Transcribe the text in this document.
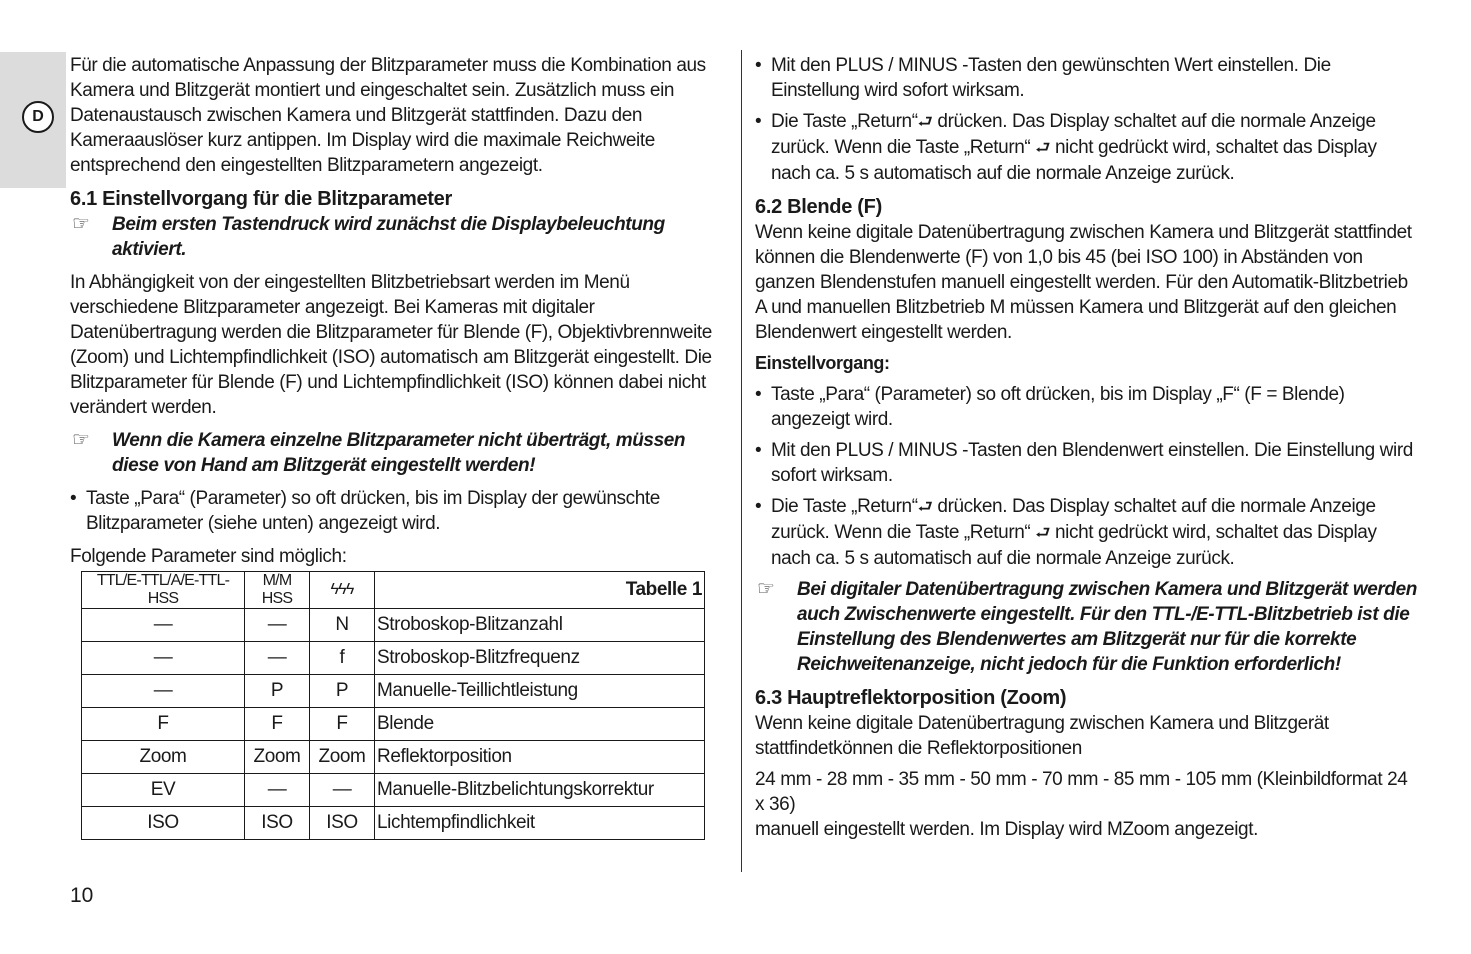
D

Für die automatische Anpassung der Blitzparameter muss die Kombination aus Kamera und Blitzgerät montiert und eingeschaltet sein. Zusätzlich muss ein Datenaustausch zwischen Kamera und Blitzgerät stattfinden. Dazu den Kameraauslöser kurz antippen. Im Display wird die maximale Reichweite entsprechend den eingestellten Blitzparametern angezeigt.

6.1 Einstellvorgang für die Blitzparameter
☞ Beim ersten Tastendruck wird zunächst die Displaybeleuchtung aktiviert.

In Abhängigkeit von der eingestellten Blitzbetriebsart werden im Menü verschiedene Blitzparameter angezeigt. Bei Kameras mit digitaler Datenübertragung werden die Blitzparameter für Blende (F), Objektivbrennweite (Zoom) und Lichtempfindlichkeit (ISO) automatisch am Blitzgerät eingestellt. Die Blitzparameter für Blende (F) und Lichtempfindlichkeit (ISO) können dabei nicht verändert werden.

☞ Wenn die Kamera einzelne Blitzparameter nicht überträgt, müssen diese von Hand am Blitzgerät eingestellt werden!
• Taste „Para“ (Parameter) so oft drücken, bis im Display der gewünschte Blitzparameter (siehe unten) angezeigt wird.

Folgende Parameter sind möglich:

TTL/E-TTL/A/E-TTL-HSS	M/M HSS	ϟϟϟ	Tabelle 1
—	—	N	Stroboskop-Blitzanzahl
—	—	f	Stroboskop-Blitzfrequenz
—	P	P	Manuelle-Teillichtleistung
F	F	F	Blende
Zoom	Zoom	Zoom	Reflektorposition
EV	—	—	Manuelle-Blitzbelichtungskorrektur
ISO	ISO	ISO	Lichtempfindlichkeit
• Mit den PLUS / MINUS -Tasten den gewünschten Wert einstellen. Die Einstellung wird sofort wirksam.
• Die Taste „Return“⮐ drücken. Das Display schaltet auf die normale Anzeige zurück. Wenn die Taste „Return“ ⮐ nicht gedrückt wird, schaltet das Display nach ca. 5 s automatisch auf die normale Anzeige zurück.
6.2 Blende (F)

Wenn keine digitale Datenübertragung zwischen Kamera und Blitzgerät stattfindet können die Blendenwerte (F) von 1,0 bis 45 (bei ISO 100) in Abständen von ganzen Blendenstufen manuell eingestellt werden. Für den Automatik-Blitzbetrieb A und manuellen Blitzbetrieb M müssen Kamera und Blitzgerät auf den gleichen Blendenwert eingestellt werden.

Einstellvorgang:

• Taste „Para“ (Parameter) so oft drücken, bis im Display „F“ (F = Blende) angezeigt wird.
• Mit den PLUS / MINUS -Tasten den Blendenwert einstellen. Die Einstellung wird sofort wirksam.
• Die Taste „Return“⮐ drücken. Das Display schaltet auf die normale Anzeige zurück. Wenn die Taste „Return“ ⮐ nicht gedrückt wird, schaltet das Display nach ca. 5 s automatisch auf die normale Anzeige zurück.
☞ Bei digitaler Datenübertragung zwischen Kamera und Blitzgerät werden auch Zwischenwerte eingestellt. Für den TTL-/E-TTL-Blitzbetrieb ist die Einstellung des Blendenwertes am Blitzgerät nur für die korrekte Reichweitenanzeige, nicht jedoch für die Funktion erforderlich!
6.3 Hauptreflektorposition (Zoom)

Wenn keine digitale Datenübertragung zwischen Kamera und Blitzgerät stattfindetkönnen die Reflektorpositionen

24 mm - 28 mm - 35 mm - 50 mm - 70 mm - 85 mm - 105 mm (Kleinbildformat 24 x 36)

manuell eingestellt werden. Im Display wird MZoom angezeigt.

10
